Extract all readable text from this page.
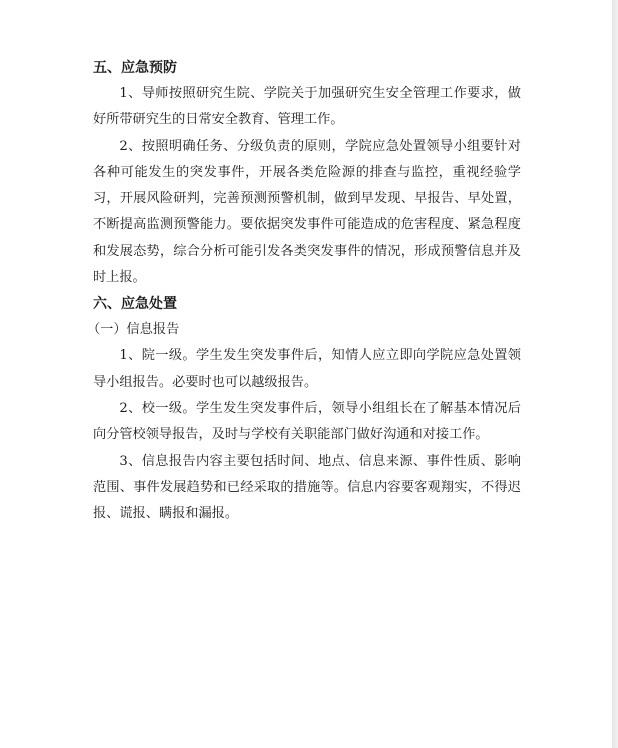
五、应急预防

1、导师按照研究生院、学院关于加强研究生安全管理工作要求，做好所带研究生的日常安全教育、管理工作。

2、按照明确任务、分级负责的原则，学院应急处置领导小组要针对各种可能发生的突发事件，开展各类危险源的排查与监控，重视经验学习，开展风险研判，完善预测预警机制，做到早发现、早报告、早处置，不断提高监测预警能力。要依据突发事件可能造成的危害程度、紧急程度和发展态势，综合分析可能引发各类突发事件的情况，形成预警信息并及时上报。

六、应急处置

（一）信息报告

1、院一级。学生发生突发事件后，知情人应立即向学院应急处置领导小组报告。必要时也可以越级报告。

2、校一级。学生发生突发事件后，领导小组组长在了解基本情况后向分管校领导报告，及时与学校有关职能部门做好沟通和对接工作。

3、信息报告内容主要包括时间、地点、信息来源、事件性质、影响范围、事件发展趋势和已经采取的措施等。信息内容要客观翔实，不得迟报、谎报、瞒报和漏报。
